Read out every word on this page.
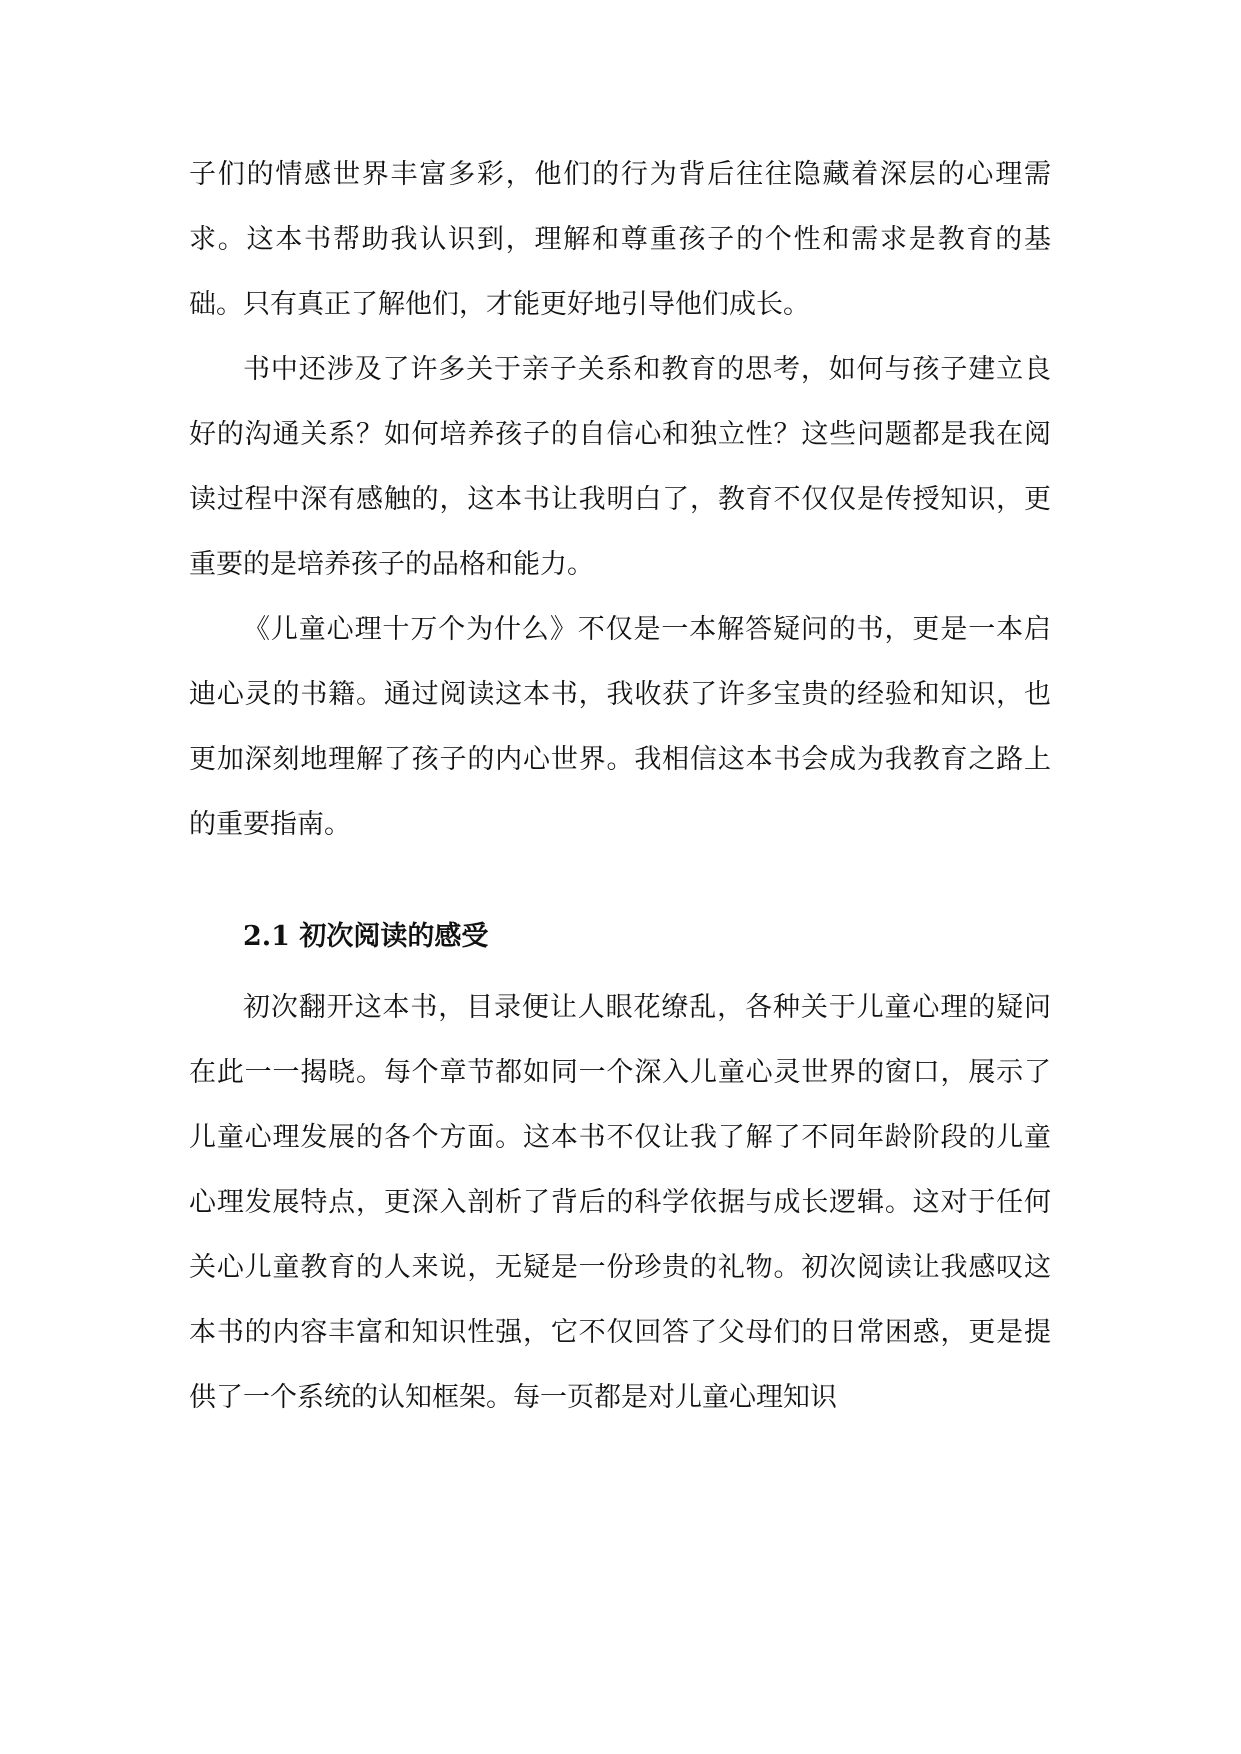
子们的情感世界丰富多彩，他们的行为背后往往隐藏着深层的心理需求。这本书帮助我认识到，理解和尊重孩子的个性和需求是教育的基础。只有真正了解他们，才能更好地引导他们成长。

书中还涉及了许多关于亲子关系和教育的思考，如何与孩子建立良好的沟通关系？如何培养孩子的自信心和独立性？这些问题都是我在阅读过程中深有感触的，这本书让我明白了，教育不仅仅是传授知识，更重要的是培养孩子的品格和能力。

《儿童心理十万个为什么》不仅是一本解答疑问的书，更是一本启迪心灵的书籍。通过阅读这本书，我收获了许多宝贵的经验和知识，也更加深刻地理解了孩子的内心世界。我相信这本书会成为我教育之路上的重要指南。

2.1 初次阅读的感受

初次翻开这本书，目录便让人眼花缭乱，各种关于儿童心理的疑问在此一一揭晓。每个章节都如同一个深入儿童心灵世界的窗口，展示了儿童心理发展的各个方面。这本书不仅让我了解了不同年龄阶段的儿童心理发展特点，更深入剖析了背后的科学依据与成长逻辑。这对于任何关心儿童教育的人来说，无疑是一份珍贵的礼物。初次阅读让我感叹这本书的内容丰富和知识性强，它不仅回答了父母们的日常困惑，更是提供了一个系统的认知框架。每一页都是对儿童心理知识
